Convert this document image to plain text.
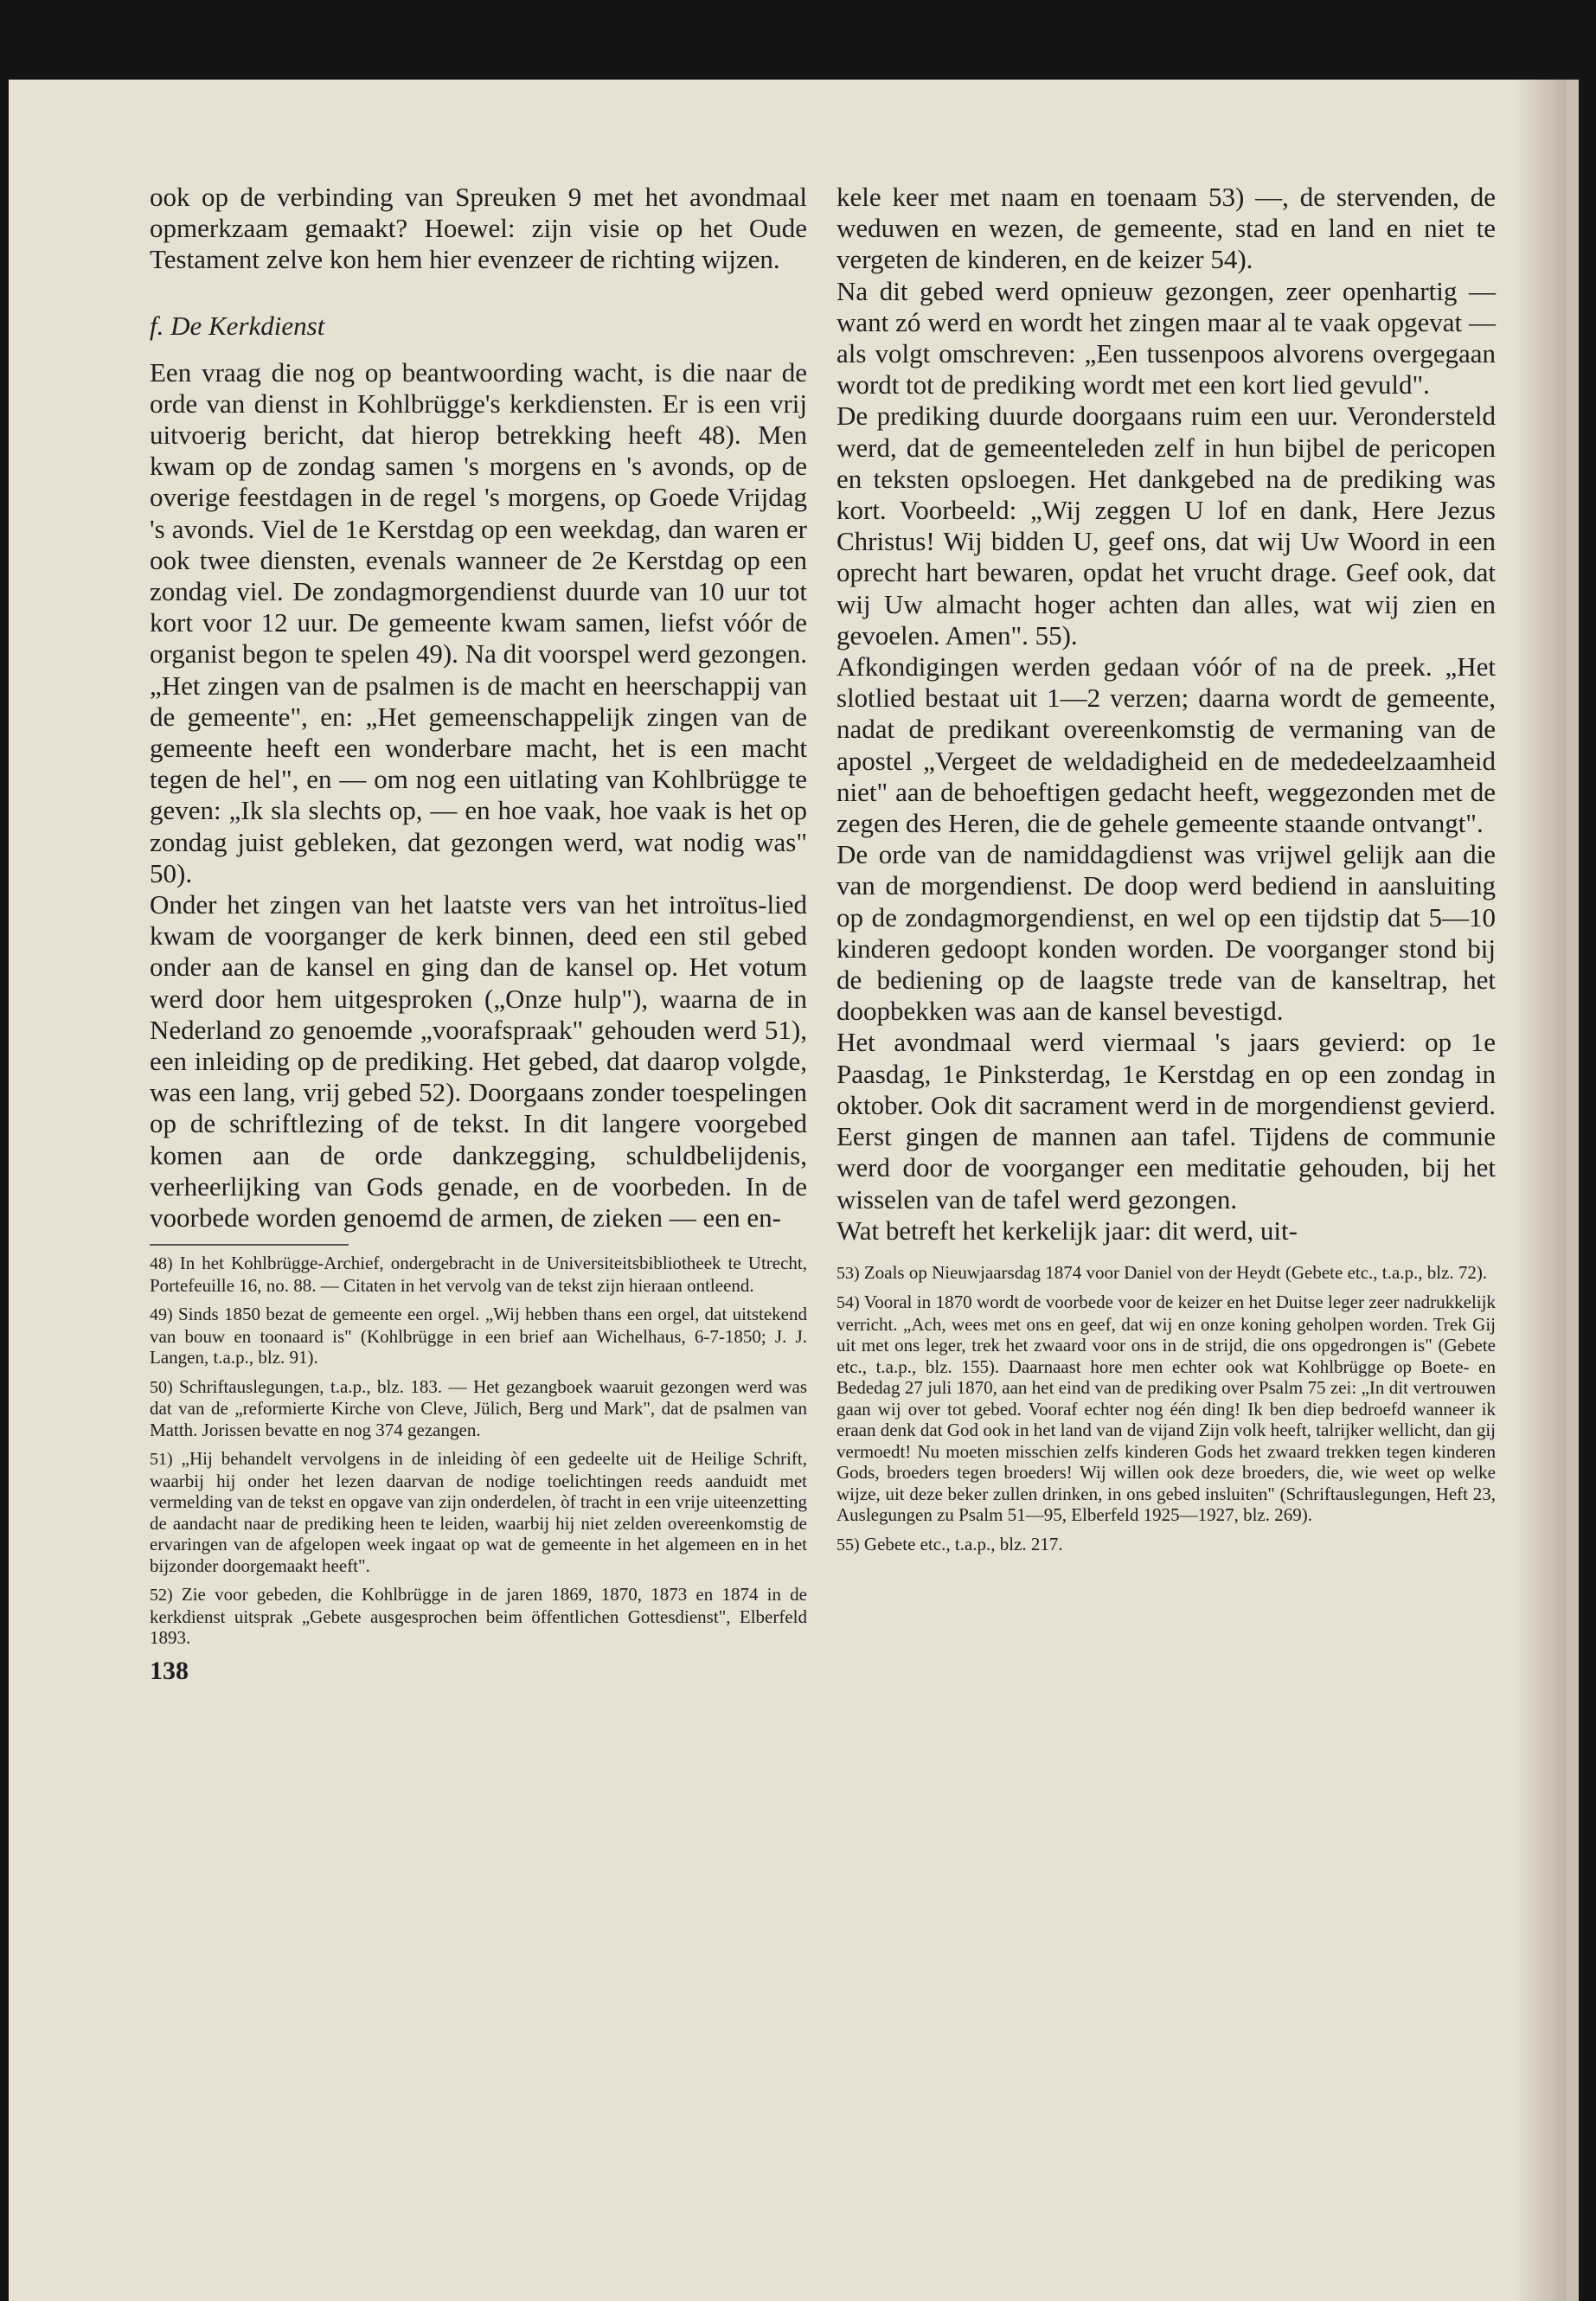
ook op de verbinding van Spreuken 9 met het avondmaal opmerkzaam gemaakt? Hoewel: zijn visie op het Oude Testament zelve kon hem hier evenzeer de richting wijzen.

f. De Kerkdienst

Een vraag die nog op beantwoording wacht, is die naar de orde van dienst in Kohlbrügge's kerkdiensten. Er is een vrij uitvoerig bericht, dat hierop betrekking heeft 48). Men kwam op de zondag samen 's morgens en 's avonds, op de overige feestdagen in de regel 's morgens, op Goede Vrijdag 's avonds. Viel de 1e Kerstdag op een weekdag, dan waren er ook twee diensten, evenals wanneer de 2e Kerstdag op een zondag viel. De zondagmorgendienst duurde van 10 uur tot kort voor 12 uur. De gemeente kwam samen, liefst vóór de organist begon te spelen 49). Na dit voorspel werd gezongen. „Het zingen van de psalmen is de macht en heerschappij van de gemeente", en: „Het gemeenschappelijk zingen van de gemeente heeft een wonderbare macht, het is een macht tegen de hel", en — om nog een uitlating van Kohlbrügge te geven: „Ik sla slechts op, — en hoe vaak, hoe vaak is het op zondag juist gebleken, dat gezongen werd, wat nodig was" 50).

Onder het zingen van het laatste vers van het introïtus-lied kwam de voorganger de kerk binnen, deed een stil gebed onder aan de kansel en ging dan de kansel op. Het votum werd door hem uitgesproken („Onze hulp"), waarna de in Nederland zo genoemde „voorafspraak" gehouden werd 51), een inleiding op de prediking. Het gebed, dat daarop volgde, was een lang, vrij gebed 52). Doorgaans zonder toespelingen op de schriftlezing of de tekst. In dit langere voorgebed komen aan de orde dankzegging, schuldbelijdenis, verheerlijking van Gods genade, en de voorbeden. In de voorbede worden genoemd de armen, de zieken — een en-

48) In het Kohlbrügge-Archief, ondergebracht in de Universiteitsbibliotheek te Utrecht, Portefeuille 16, no. 88. — Citaten in het vervolg van de tekst zijn hieraan ontleend.

49) Sinds 1850 bezat de gemeente een orgel. „Wij hebben thans een orgel, dat uitstekend van bouw en toonaard is" (Kohlbrügge in een brief aan Wichelhaus, 6-7-1850; J. J. Langen, t.a.p., blz. 91).

50) Schriftauslegungen, t.a.p., blz. 183. — Het gezangboek waaruit gezongen werd was dat van de „reformierte Kirche von Cleve, Jülich, Berg und Mark", dat de psalmen van Matth. Jorissen bevatte en nog 374 gezangen.

51) „Hij behandelt vervolgens in de inleiding òf een gedeelte uit de Heilige Schrift, waarbij hij onder het lezen daarvan de nodige toelichtingen reeds aanduidt met vermelding van de tekst en opgave van zijn onderdelen, òf tracht in een vrije uiteenzetting de aandacht naar de prediking heen te leiden, waarbij hij niet zelden overeenkomstig de ervaringen van de afgelopen week ingaat op wat de gemeente in het algemeen en in het bijzonder doorgemaakt heeft".

52) Zie voor gebeden, die Kohlbrügge in de jaren 1869, 1870, 1873 en 1874 in de kerkdienst uitsprak „Gebete ausgesprochen beim öffentlichen Gottesdienst", Elberfeld 1893.

138

kele keer met naam en toenaam 53) —, de stervenden, de weduwen en wezen, de gemeente, stad en land en niet te vergeten de kinderen, en de keizer 54).

Na dit gebed werd opnieuw gezongen, zeer openhartig — want zó werd en wordt het zingen maar al te vaak opgevat — als volgt omschreven: „Een tussenpoos alvorens overgegaan wordt tot de prediking wordt met een kort lied gevuld".

De prediking duurde doorgaans ruim een uur. Verondersteld werd, dat de gemeenteleden zelf in hun bijbel de pericopen en teksten opsloegen. Het dankgebed na de prediking was kort. Voorbeeld: „Wij zeggen U lof en dank, Here Jezus Christus! Wij bidden U, geef ons, dat wij Uw Woord in een oprecht hart bewaren, opdat het vrucht drage. Geef ook, dat wij Uw almacht hoger achten dan alles, wat wij zien en gevoelen. Amen". 55).

Afkondigingen werden gedaan vóór of na de preek. „Het slotlied bestaat uit 1—2 verzen; daarna wordt de gemeente, nadat de predikant overeenkomstig de vermaning van de apostel „Vergeet de weldadigheid en de mededeelzaamheid niet" aan de behoeftigen gedacht heeft, weggezonden met de zegen des Heren, die de gehele gemeente staande ontvangt".

De orde van de namiddagdienst was vrijwel gelijk aan die van de morgendienst. De doop werd bediend in aansluiting op de zondagmorgendienst, en wel op een tijdstip dat 5—10 kinderen gedoopt konden worden. De voorganger stond bij de bediening op de laagste trede van de kanseltrap, het doopbekken was aan de kansel bevestigd.

Het avondmaal werd viermaal 's jaars gevierd: op 1e Paasdag, 1e Pinksterdag, 1e Kerstdag en op een zondag in oktober. Ook dit sacrament werd in de morgendienst gevierd. Eerst gingen de mannen aan tafel. Tijdens de communie werd door de voorganger een meditatie gehouden, bij het wisselen van de tafel werd gezongen.

Wat betreft het kerkelijk jaar: dit werd, uit-

53) Zoals op Nieuwjaarsdag 1874 voor Daniel von der Heydt (Gebete etc., t.a.p., blz. 72).

54) Vooral in 1870 wordt de voorbede voor de keizer en het Duitse leger zeer nadrukkelijk verricht. „Ach, wees met ons en geef, dat wij en onze koning geholpen worden. Trek Gij uit met ons leger, trek het zwaard voor ons in de strijd, die ons opgedrongen is" (Gebete etc., t.a.p., blz. 155). Daarnaast hore men echter ook wat Kohlbrügge op Boete- en Bededag 27 juli 1870, aan het eind van de prediking over Psalm 75 zei: „In dit vertrouwen gaan wij over tot gebed. Vooraf echter nog één ding! Ik ben diep bedroefd wanneer ik eraan denk dat God ook in het land van de vijand Zijn volk heeft, talrijker wellicht, dan gij vermoedt! Nu moeten misschien zelfs kinderen Gods het zwaard trekken tegen kinderen Gods, broeders tegen broeders! Wij willen ook deze broeders, die, wie weet op welke wijze, uit deze beker zullen drinken, in ons gebed insluiten" (Schriftauslegungen, Heft 23, Auslegungen zu Psalm 51—95, Elberfeld 1925—1927, blz. 269).

55) Gebete etc., t.a.p., blz. 217.
